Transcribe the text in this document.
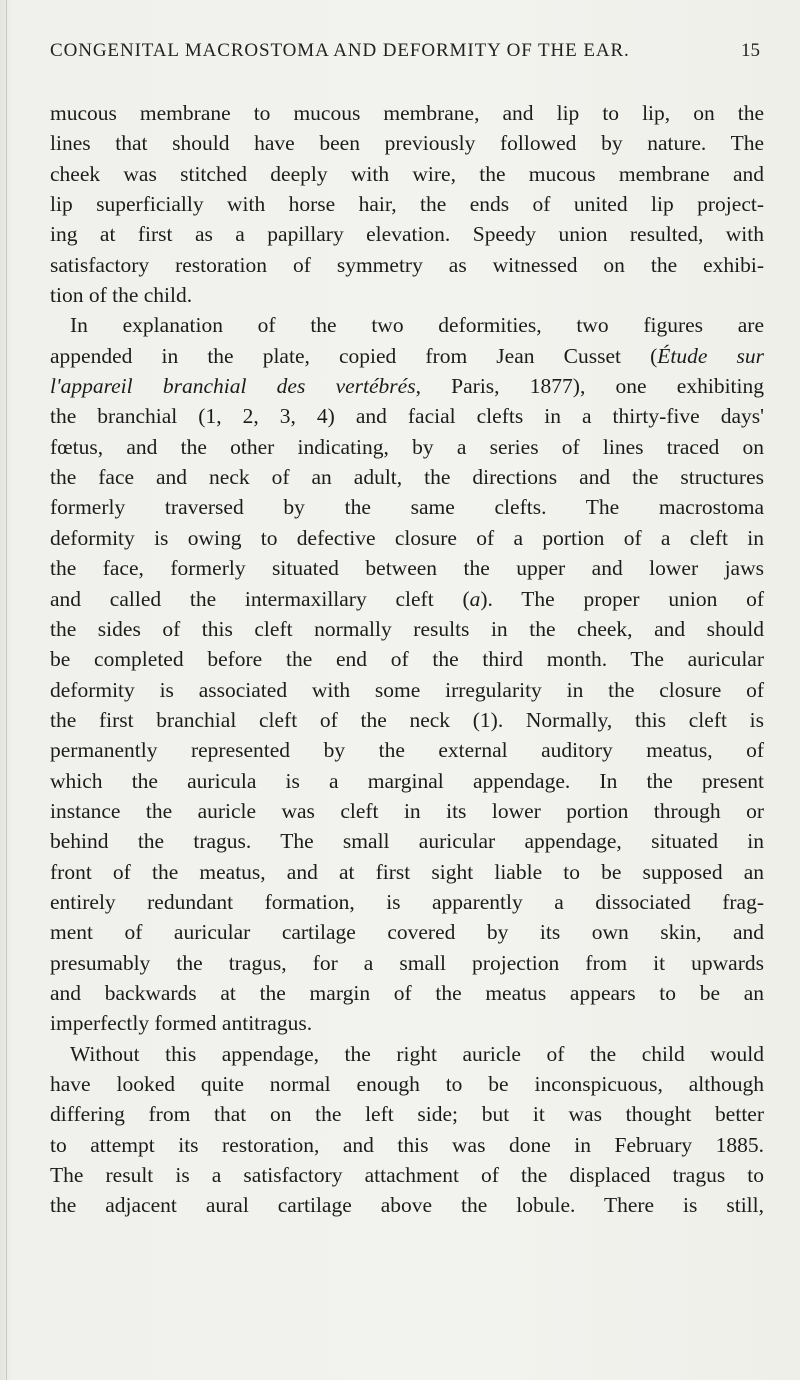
CONGENITAL MACROSTOMA AND DEFORMITY OF THE EAR.	15
mucous membrane to mucous membrane, and lip to lip, on the
lines that should have been previously followed by nature. The
cheek was stitched deeply with wire, the mucous membrane and
lip superficially with horse hair, the ends of united lip project-
ing at first as a papillary elevation. Speedy union resulted, with
satisfactory restoration of symmetry as witnessed on the exhibi-
tion of the child.
In explanation of the two deformities, two figures are
appended in the plate, copied from Jean Cusset (Étude sur
l'appareil branchial des vertébrés, Paris, 1877), one exhibiting
the branchial (1, 2, 3, 4) and facial clefts in a thirty-five days'
fœtus, and the other indicating, by a series of lines traced on
the face and neck of an adult, the directions and the structures
formerly traversed by the same clefts. The macrostoma
deformity is owing to defective closure of a portion of a cleft in
the face, formerly situated between the upper and lower jaws
and called the intermaxillary cleft (a). The proper union of
the sides of this cleft normally results in the cheek, and should
be completed before the end of the third month. The auricular
deformity is associated with some irregularity in the closure of
the first branchial cleft of the neck (1). Normally, this cleft is
permanently represented by the external auditory meatus, of
which the auricula is a marginal appendage. In the present
instance the auricle was cleft in its lower portion through or
behind the tragus. The small auricular appendage, situated in
front of the meatus, and at first sight liable to be supposed an
entirely redundant formation, is apparently a dissociated frag-
ment of auricular cartilage covered by its own skin, and
presumably the tragus, for a small projection from it upwards
and backwards at the margin of the meatus appears to be an
imperfectly formed antitragus.
Without this appendage, the right auricle of the child would
have looked quite normal enough to be inconspicuous, although
differing from that on the left side; but it was thought better
to attempt its restoration, and this was done in February 1885.
The result is a satisfactory attachment of the displaced tragus to
the adjacent aural cartilage above the lobule. There is still,
